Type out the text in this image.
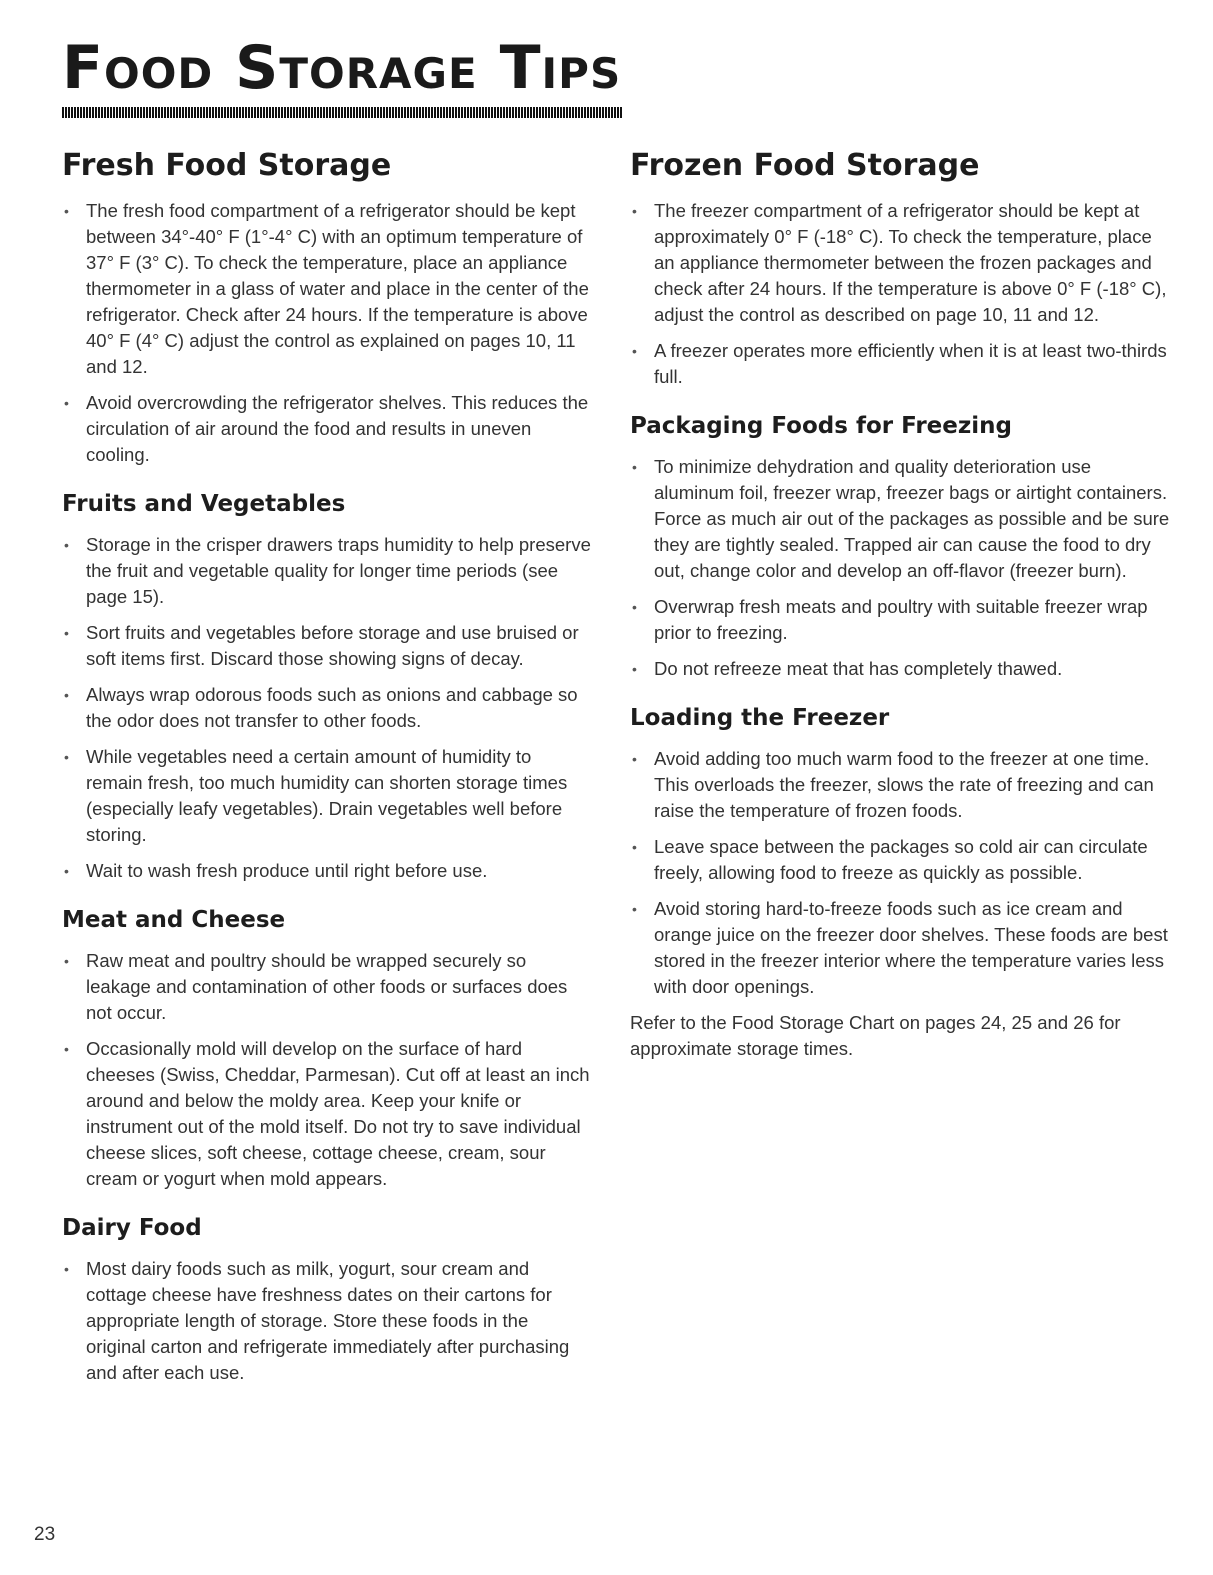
Food Storage Tips
Fresh Food Storage
• The fresh food compartment of a refrigerator should be kept between 34°-40° F (1°-4° C) with an optimum temperature of 37° F (3° C). To check the temperature, place an appliance thermometer in a glass of water and place in the center of the refrigerator. Check after 24 hours. If the temperature is above 40° F (4° C) adjust the control as explained on pages 10, 11 and 12.
• Avoid overcrowding the refrigerator shelves. This reduces the circulation of air around the food and results in uneven cooling.
Fruits and Vegetables
• Storage in the crisper drawers traps humidity to help preserve the fruit and vegetable quality for longer time periods (see page 15).
• Sort fruits and vegetables before storage and use bruised or soft items first. Discard those showing signs of decay.
• Always wrap odorous foods such as onions and cabbage so the odor does not transfer to other foods.
• While vegetables need a certain amount of humidity to remain fresh, too much humidity can shorten storage times (especially leafy vegetables). Drain vegetables well before storing.
• Wait to wash fresh produce until right before use.
Meat and Cheese
• Raw meat and poultry should be wrapped securely so leakage and contamination of other foods or surfaces does not occur.
• Occasionally mold will develop on the surface of hard cheeses (Swiss, Cheddar, Parmesan). Cut off at least an inch around and below the moldy area. Keep your knife or instrument out of the mold itself. Do not try to save individual cheese slices, soft cheese, cottage cheese, cream, sour cream or yogurt when mold appears.
Dairy Food
• Most dairy foods such as milk, yogurt, sour cream and cottage cheese have freshness dates on their cartons for appropriate length of storage. Store these foods in the original carton and refrigerate immediately after purchasing and after each use.
Frozen Food Storage
• The freezer compartment of a refrigerator should be kept at approximately 0° F (-18° C). To check the temperature, place an appliance thermometer between the frozen packages and check after 24 hours. If the temperature is above 0° F (-18° C), adjust the control as described on page 10, 11 and 12.
• A freezer operates more efficiently when it is at least two-thirds full.
Packaging Foods for Freezing
• To minimize dehydration and quality deterioration use aluminum foil, freezer wrap, freezer bags or airtight containers. Force as much air out of the packages as possible and be sure they are tightly sealed. Trapped air can cause the food to dry out, change color and develop an off-flavor (freezer burn).
• Overwrap fresh meats and poultry with suitable freezer wrap prior to freezing.
• Do not refreeze meat that has completely thawed.
Loading the Freezer
• Avoid adding too much warm food to the freezer at one time. This overloads the freezer, slows the rate of freezing and can raise the temperature of frozen foods.
• Leave space between the packages so cold air can circulate freely, allowing food to freeze as quickly as possible.
• Avoid storing hard-to-freeze foods such as ice cream and orange juice on the freezer door shelves. These foods are best stored in the freezer interior where the temperature varies less with door openings.

Refer to the Food Storage Chart on pages 24, 25 and 26 for approximate storage times.

23
